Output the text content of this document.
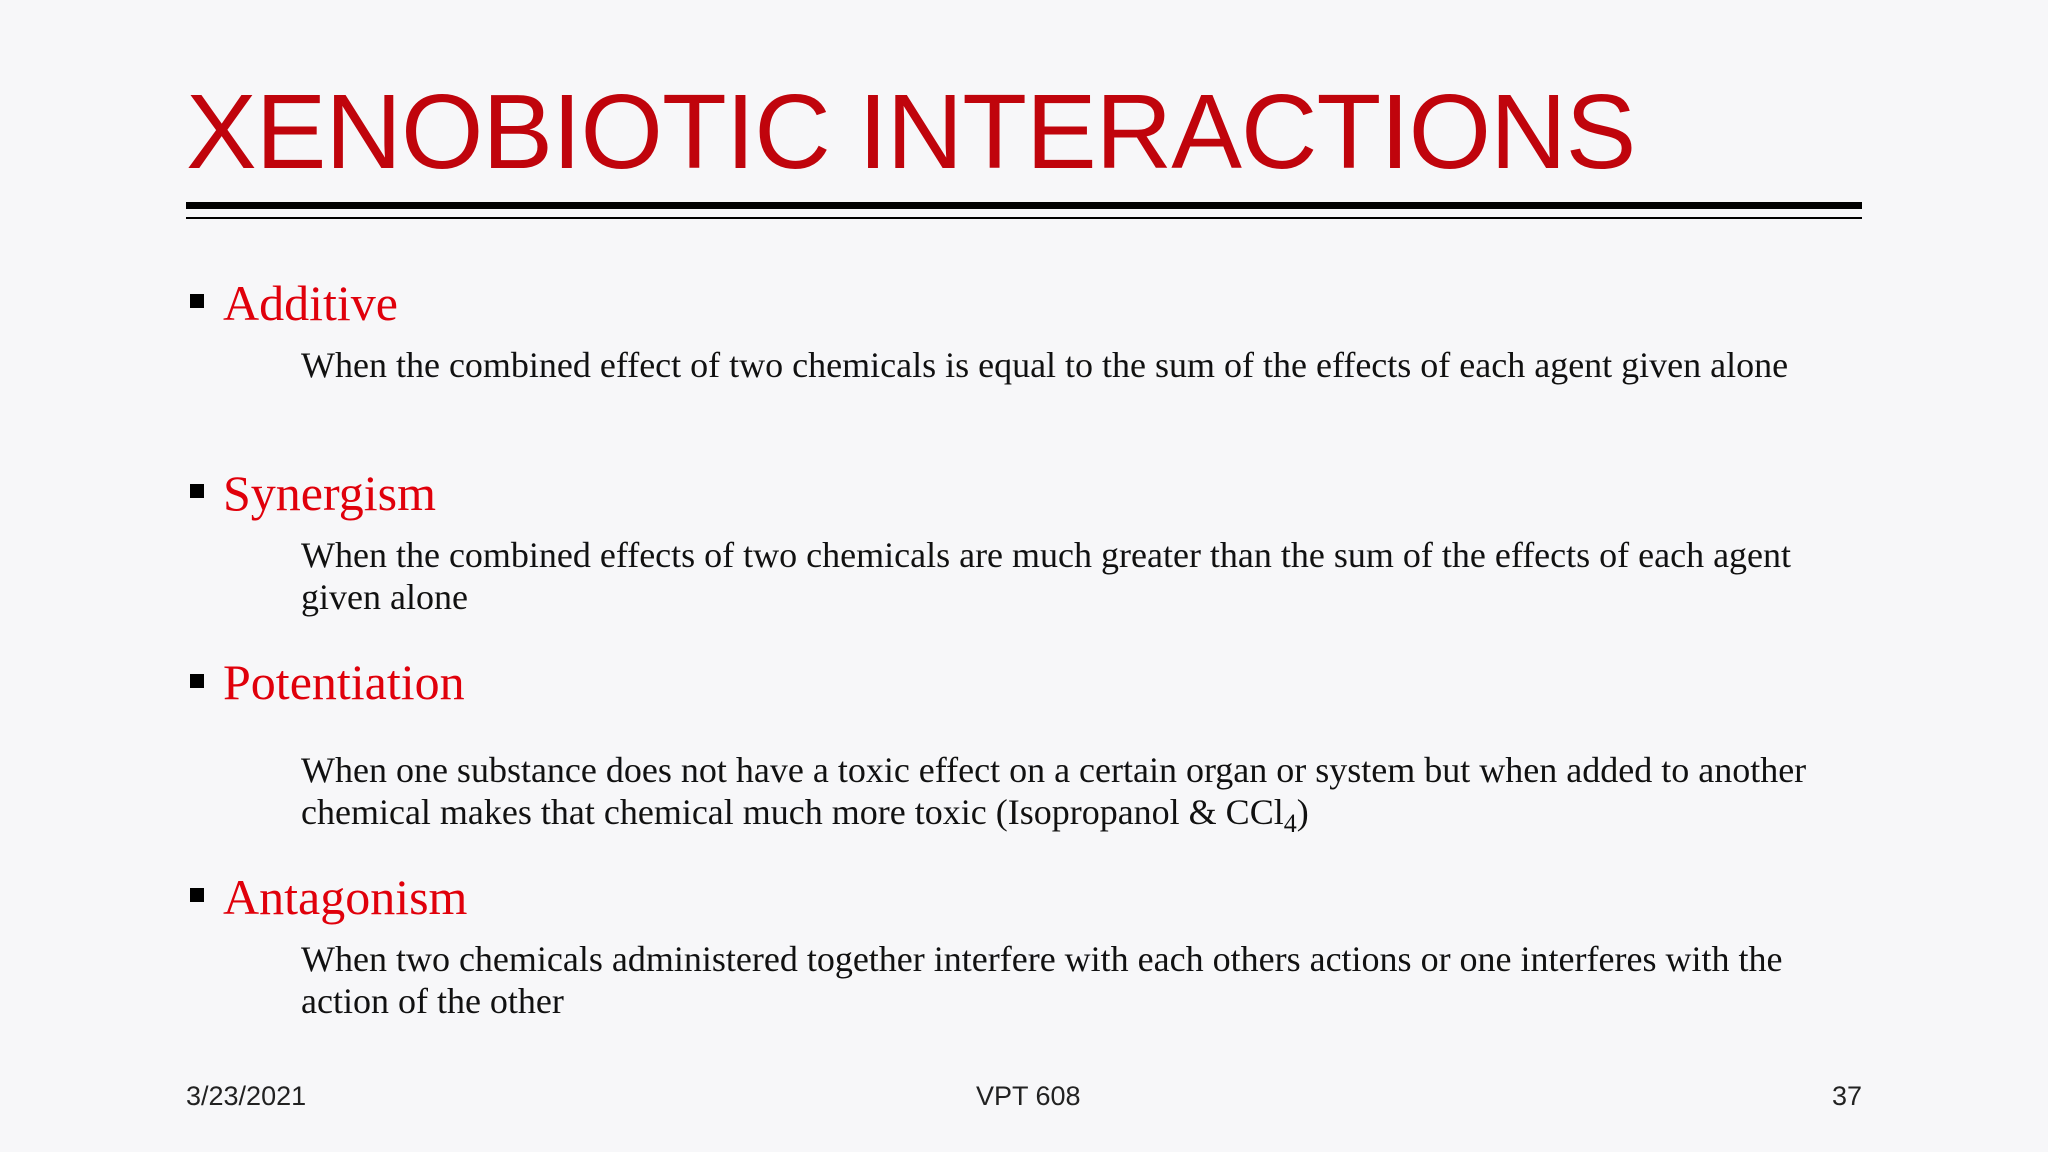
XENOBIOTIC INTERACTIONS
Additive
When the combined effect of two chemicals is equal to the sum of the effects of each agent given alone
Synergism
When the combined effects of two chemicals are much greater than the sum of the effects of each agent given alone
Potentiation
When one substance does not have a toxic effect on a certain organ or system but when added to another chemical makes that chemical much more toxic (Isopropanol & CCl$_4$)
Antagonism
When two chemicals administered together interfere with each others actions or one interferes with the action of the other
3/23/2021	VPT 608	37
